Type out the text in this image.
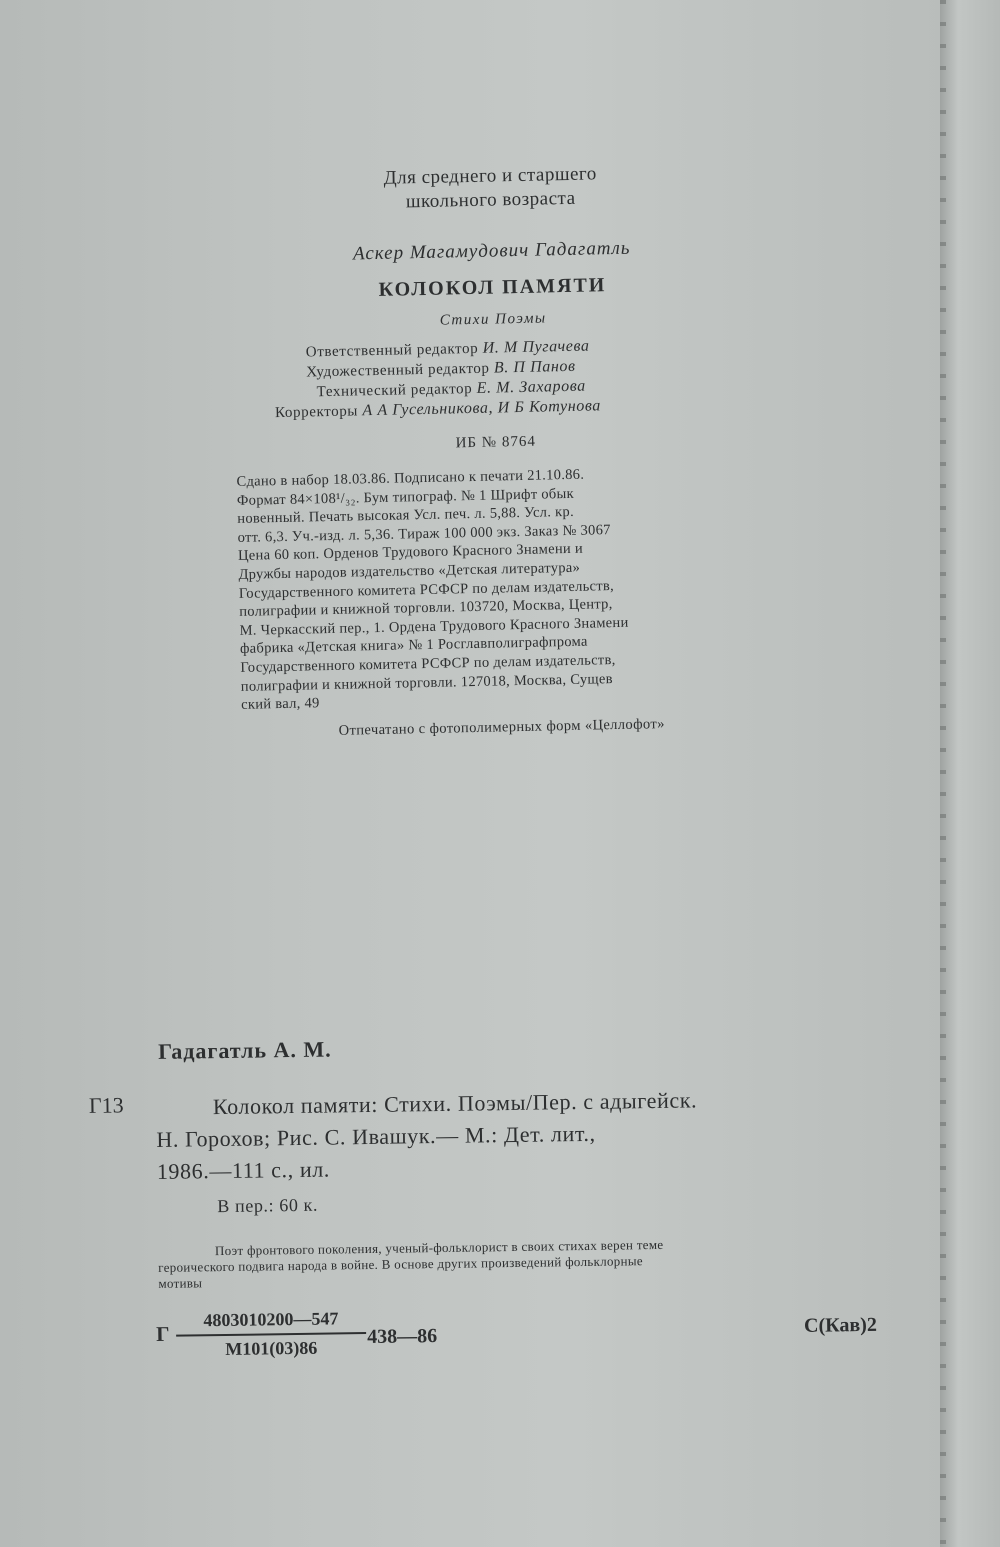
Для среднего и старшего
школьного возраста
Аскер Магамудович Гадагатль
КОЛОКОЛ ПАМЯТИ
Стихи Поэмы
Ответственный редактор И. М Пугачева
Художественный редактор В. П Панов
Технический редактор Е. М. Захарова
Корректоры А А Гусельникова, И Б Котунова
ИБ № 8764
Сдано в набор 18.03.86. Подписано к печати 21.10.86.
Формат 84×108¹/₃₂. Бум типограф. № 1 Шрифт обык
новенный. Печать высокая Усл. печ. л. 5,88. Усл. кр.
отт. 6,3. Уч.-изд. л. 5,36. Тираж 100 000 экз. Заказ № 3067
Цена 60 коп. Орденов Трудового Красного Знамени и
Дружбы народов издательство «Детская литература»
Государственного комитета РСФСР по делам издательств,
полиграфии и книжной торговли. 103720, Москва, Центр,
М. Черкасский пер., 1. Ордена Трудового Красного Знамени
фабрика «Детская книга» № 1 Росглавполиграфпрома
Государственного комитета РСФСР по делам издательств,
полиграфии и книжной торговли. 127018, Москва, Сущев
ский вал, 49
Отпечатано с фотополимерных форм «Целлофот»
Гадагатль А. М.
Г13	Колокол памяти: Стихи. Поэмы/Пер. с адыгейск.
Н. Горохов; Рис. С. Ивашук.— М.: Дет. лит.,
1986.—111 с., ил.
В пер.: 60 к.
Поэт фронтового поколения, ученый-фольклорист в своих стихах верен теме
героического подвига народа в войне. В основе других произведений фольклорные
мотивы
Г
4803010200—547
М101(03)86
438—86	С(Кав)2
